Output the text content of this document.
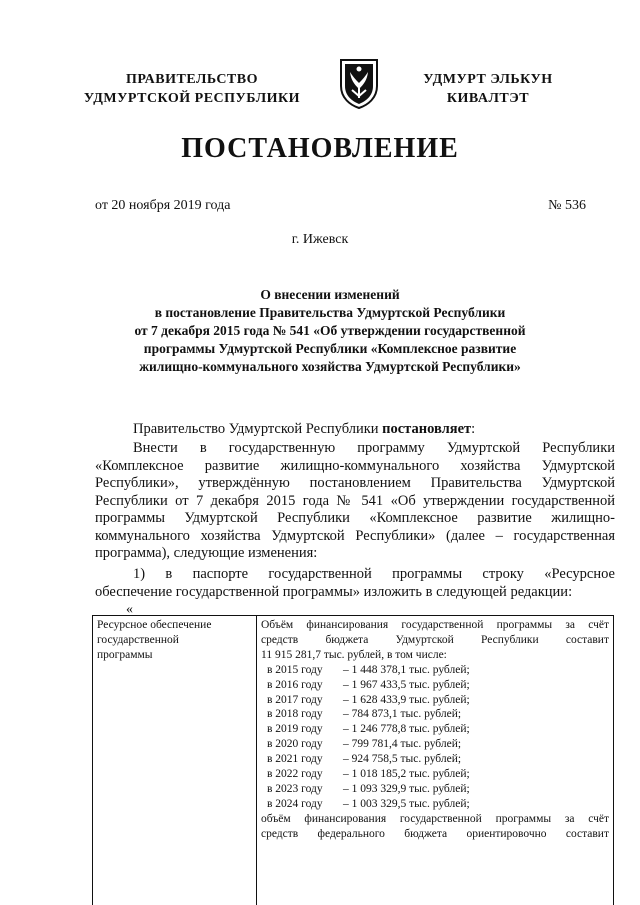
ПРАВИТЕЛЬСТВО
УДМУРТСКОЙ РЕСПУБЛИКИ
УДМУРТ ЭЛЬКУН
КИВАЛТЭТ
ПОСТАНОВЛЕНИЕ
от 20 ноября 2019 года	№ 536
г. Ижевск
О внесении изменений
в постановление Правительства Удмуртской Республики
от 7 декабря 2015 года № 541 «Об утверждении государственной
программы Удмуртской Республики «Комплексное развитие
жилищно-коммунального хозяйства Удмуртской Республики»
Правительство Удмуртской Республики постановляет:
Внести в государственную программу Удмуртской Республики
«Комплексное развитие жилищно-коммунального хозяйства Удмуртской
Республики», утверждённую постановлением Правительства Удмуртской
Республики от 7 декабря 2015 года № 541 «Об утверждении государственной
программы Удмуртской Республики «Комплексное развитие жилищно-
коммунального хозяйства Удмуртской Республики» (далее – государственная
программа), следующие изменения:
1) в паспорте государственной программы строку «Ресурсное
обеспечение государственной программы» изложить в следующей редакции:
«
Ресурсное обеспечение
государственной
программы
Объём финансирования государственной программы за счёт
средств бюджета Удмуртской Республики составит
11 915 281,7 тыс. рублей, в том числе:
в 2015 году – 1 448 378,1 тыс. рублей;
в 2016 году – 1 967 433,5 тыс. рублей;
в 2017 году – 1 628 433,9 тыс. рублей;
в 2018 году – 784 873,1 тыс. рублей;
в 2019 году – 1 246 778,8 тыс. рублей;
в 2020 году – 799 781,4 тыс. рублей;
в 2021 году – 924 758,5 тыс. рублей;
в 2022 году – 1 018 185,2 тыс. рублей;
в 2023 году – 1 093 329,9 тыс. рублей;
в 2024 году – 1 003 329,5 тыс. рублей;
объём финансирования государственной программы за счёт
средств федерального бюджета ориентировочно составит
